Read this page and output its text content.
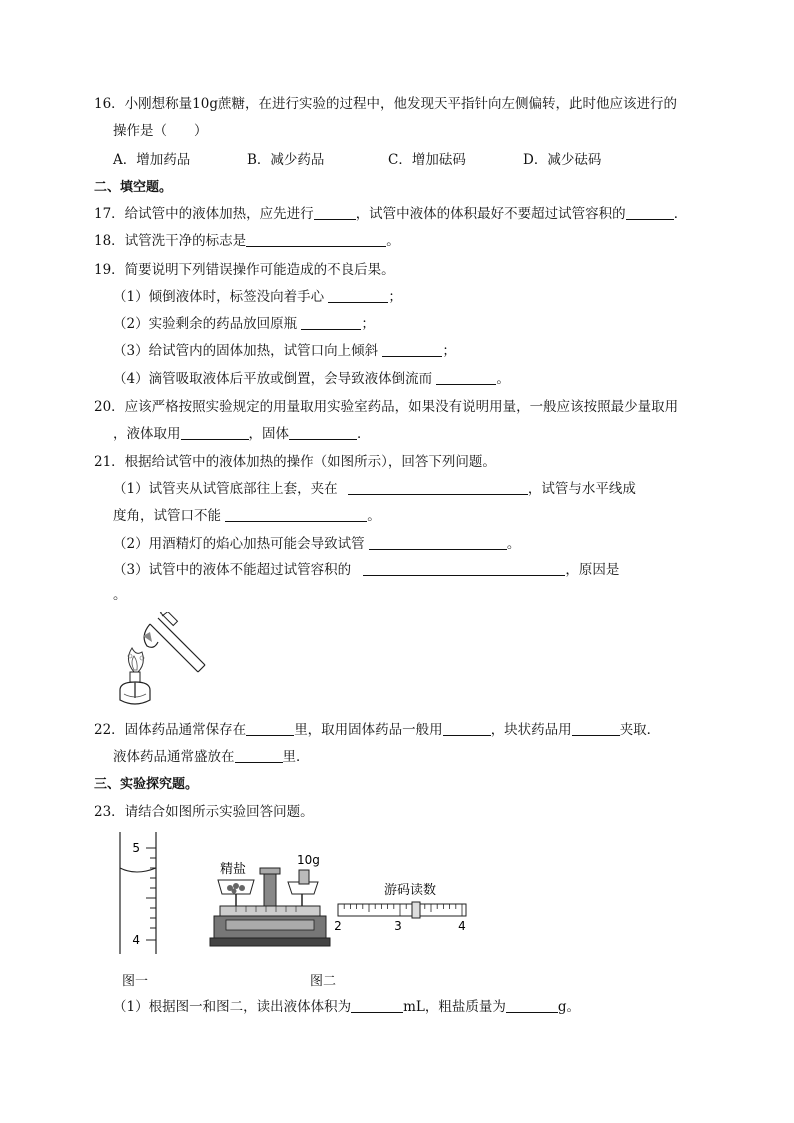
16．小刚想称量10g蔗糖，在进行实验的过程中，他发现天平指针向左侧偏转，此时他应该进行的
操作是（　　）
A．增加药品	B．减少药品	C．增加砝码	D．减少砝码
二、填空题。
17．给试管中的液体加热，应先进行	，试管中液体的体积最好不要超过试管容积的	．
18．试管洗干净的标志是	。
19．简要说明下列错误操作可能造成的不良后果。
（1）倾倒液体时，标签没向着手心	；
（2）实验剩余的药品放回原瓶	；
（3）给试管内的固体加热，试管口向上倾斜	；
（4）滴管吸取液体后平放或倒置，会导致液体倒流而	。
20．应该严格按照实验规定的用量取用实验室药品，如果没有说明用量，一般应该按照最少量取用
，液体取用	，固体	．
21．根据给试管中的液体加热的操作（如图所示），回答下列问题。
（1）试管夹从试管底部往上套，夹在	，试管与水平线成
度角，试管口不能	。
（2）用酒精灯的焰心加热可能会导致试管	。
（3）试管中的液体不能超过试管容积的	，原因是
。
22．固体药品通常保存在	里，取用固体药品一般用	，块状药品用	夹取．
液体药品通常盛放在	里．
三、实验探究题。
23．请结合如图所示实验回答问题。
5
4
精盐
10g
游码读数
2	3	4
图一	图二
（1）根据图一和图二，读出液体体积为	mL，粗盐质量为	g。
